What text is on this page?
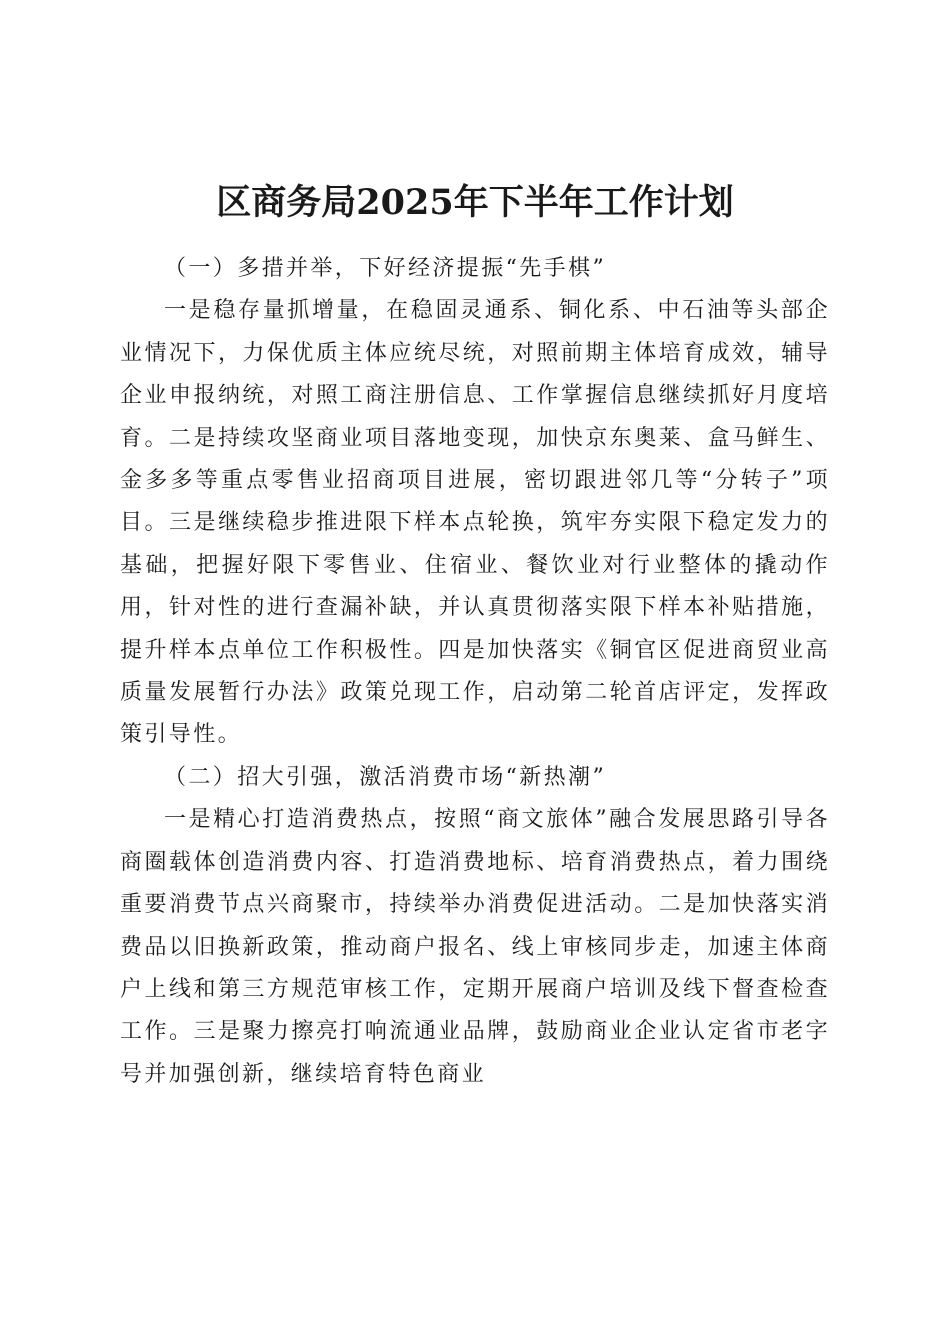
区商务局2025年下半年工作计划

（一）多措并举，下好经济提振“先手棋”

一是稳存量抓增量，在稳固灵通系、铜化系、中石油等头部企业情况下，力保优质主体应统尽统，对照前期主体培育成效，辅导企业申报纳统，对照工商注册信息、工作掌握信息继续抓好月度培育。二是持续攻坚商业项目落地变现，加快京东奥莱、盒马鲜生、金多多等重点零售业招商项目进展，密切跟进邻几等“分转子”项目。三是继续稳步推进限下样本点轮换，筑牢夯实限下稳定发力的基础，把握好限下零售业、住宿业、餐饮业对行业整体的撬动作用，针对性的进行查漏补缺，并认真贯彻落实限下样本补贴措施，提升样本点单位工作积极性。四是加快落实《铜官区促进商贸业高质量发展暂行办法》政策兑现工作，启动第二轮首店评定，发挥政策引导性。

（二）招大引强，激活消费市场“新热潮”

一是精心打造消费热点，按照“商文旅体”融合发展思路引导各商圈载体创造消费内容、打造消费地标、培育消费热点，着力围绕重要消费节点兴商聚市，持续举办消费促进活动。二是加快落实消费品以旧换新政策，推动商户报名、线上审核同步走，加速主体商户上线和第三方规范审核工作，定期开展商户培训及线下督查检查工作。三是聚力擦亮打响流通业品牌，鼓励商业企业认定省市老字号并加强创新，继续培育特色商业
